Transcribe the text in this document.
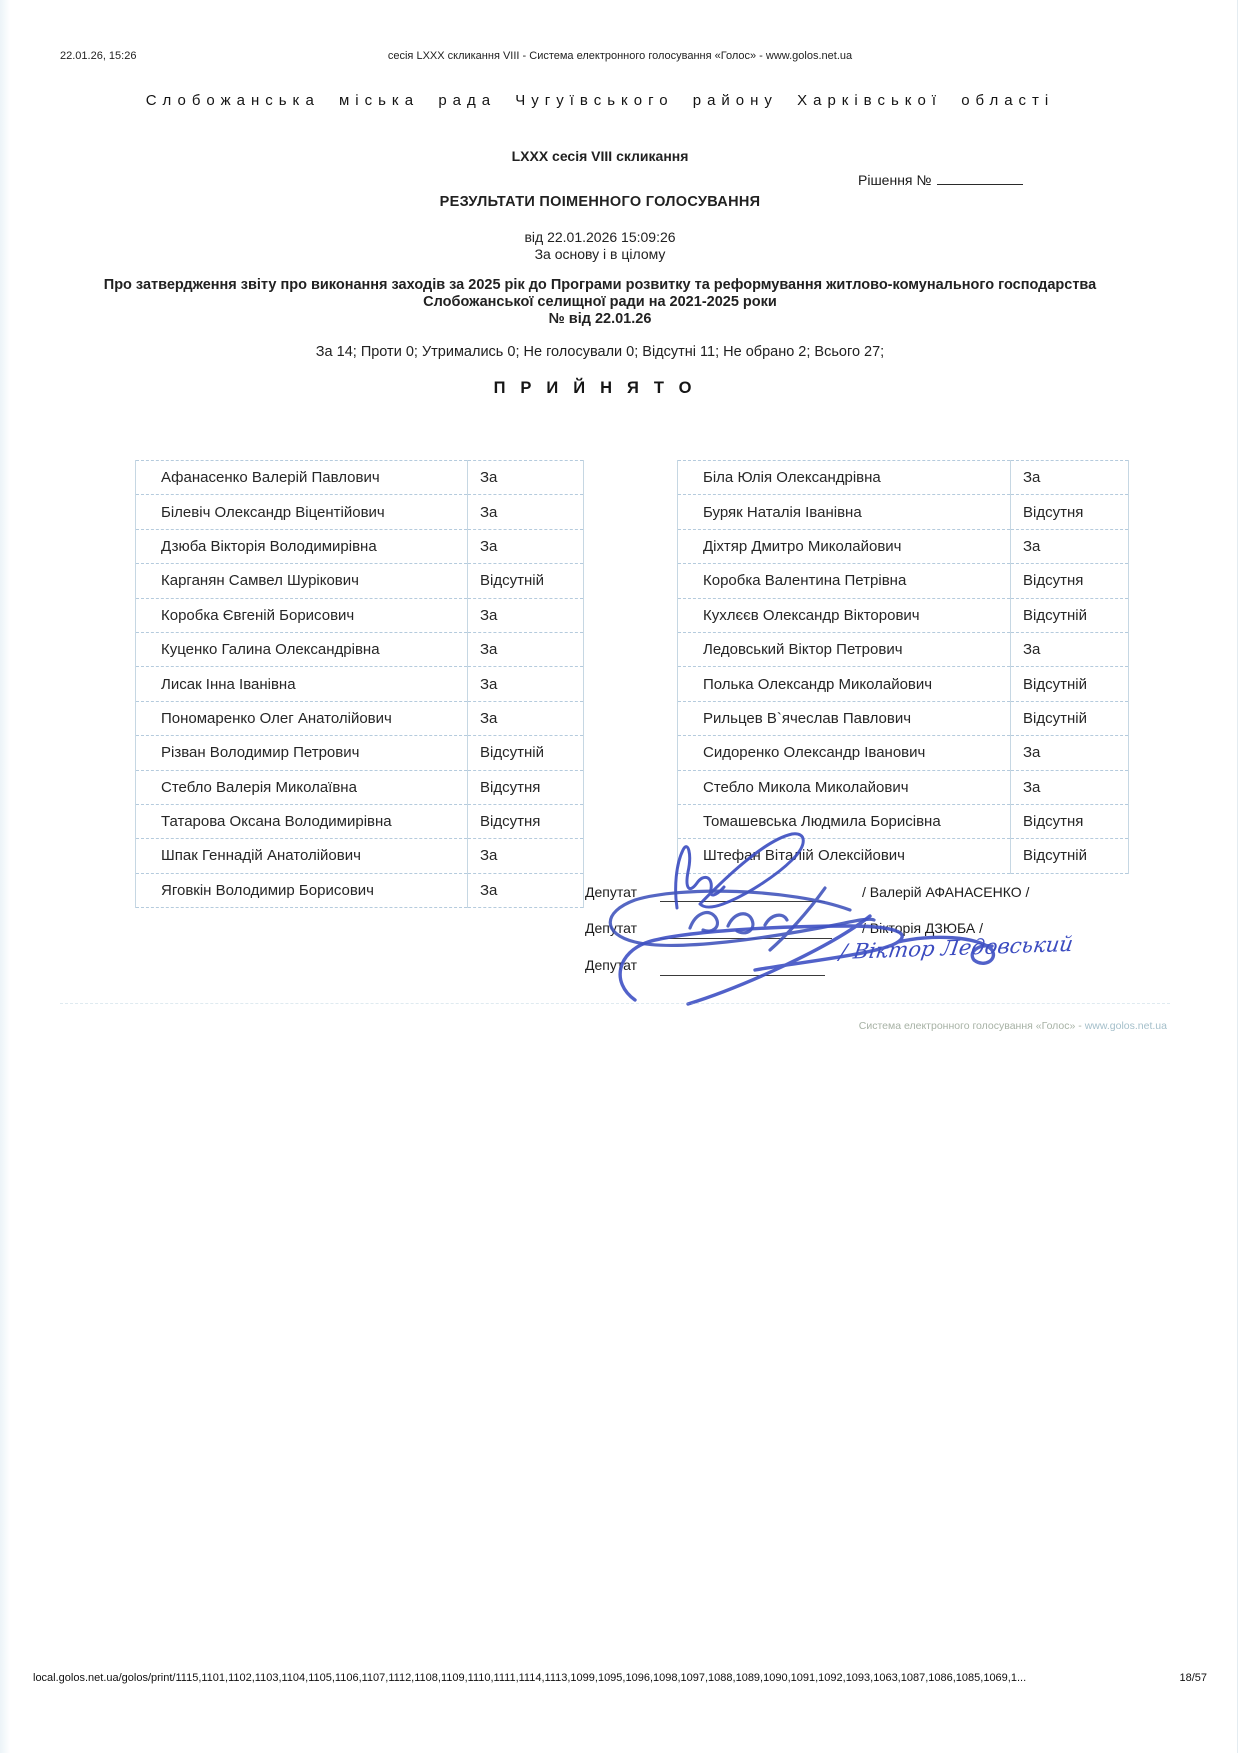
22.01.26, 15:26	сесія LXXX скликання VIII - Система електронного голосування «Голос» - www.golos.net.ua
Слобожанська міська рада Чугуївського району Харківської області
LXXX сесія VIII скликання
Рішення №
РЕЗУЛЬТАТИ ПОІМЕННОГО ГОЛОСУВАННЯ
від 22.01.2026 15:09:26
За основу і в цілому
Про затвердження звіту про виконання заходів за 2025 рік до Програми розвитку та реформування житлово-комунального господарства Слобожанської селищної ради на 2021-2025 роки
№ від 22.01.26
За 14; Проти 0; Утримались 0; Не голосували 0; Відсутні 11; Не обрано 2; Всього 27;
ПРИЙНЯТО
Афанасенко Валерій Павлович	За
Білевіч Олександр Віцентійович	За
Дзюба Вікторія Володимирівна	За
Карганян Самвел Шурікович	Відсутній
Коробка Євгеній Борисович	За
Куценко Галина Олександрівна	За
Лисак Інна Іванівна	За
Пономаренко Олег Анатолійович	За
Різван Володимир Петрович	Відсутній
Стебло Валерія Миколаївна	Відсутня
Татарова Оксана Володимирівна	Відсутня
Шпак Геннадій Анатолійович	За
Яговкін Володимир Борисович	За
Біла Юлія Олександрівна	За
Буряк Наталія Іванівна	Відсутня
Діхтяр Дмитро Миколайович	За
Коробка Валентина Петрівна	Відсутня
Кухлєєв Олександр Вікторович	Відсутній
Ледовський Віктор Петрович	За
Полька Олександр Миколайович	Відсутній
Рильцев В`ячеслав Павлович	Відсутній
Сидоренко Олександр Іванович	За
Стебло Микола Миколайович	За
Томашевська Людмила Борисівна	Відсутня
Штефан Віталій Олексійович	Відсутній
Депутат	/ Валерій АФАНАСЕНКО /
Депутат	/ Вікторія ДЗЮБА /
Депутат
/ Віктор Ледовський
Система електронного голосування «Голос» - www.golos.net.ua
local.golos.net.ua/golos/print/1115,1101,1102,1103,1104,1105,1106,1107,1112,1108,1109,1110,1111,1114,1113,1099,1095,1096,1098,1097,1088,1089,1090,1091,1092,1093,1063,1087,1086,1085,1069,1...	18/57
